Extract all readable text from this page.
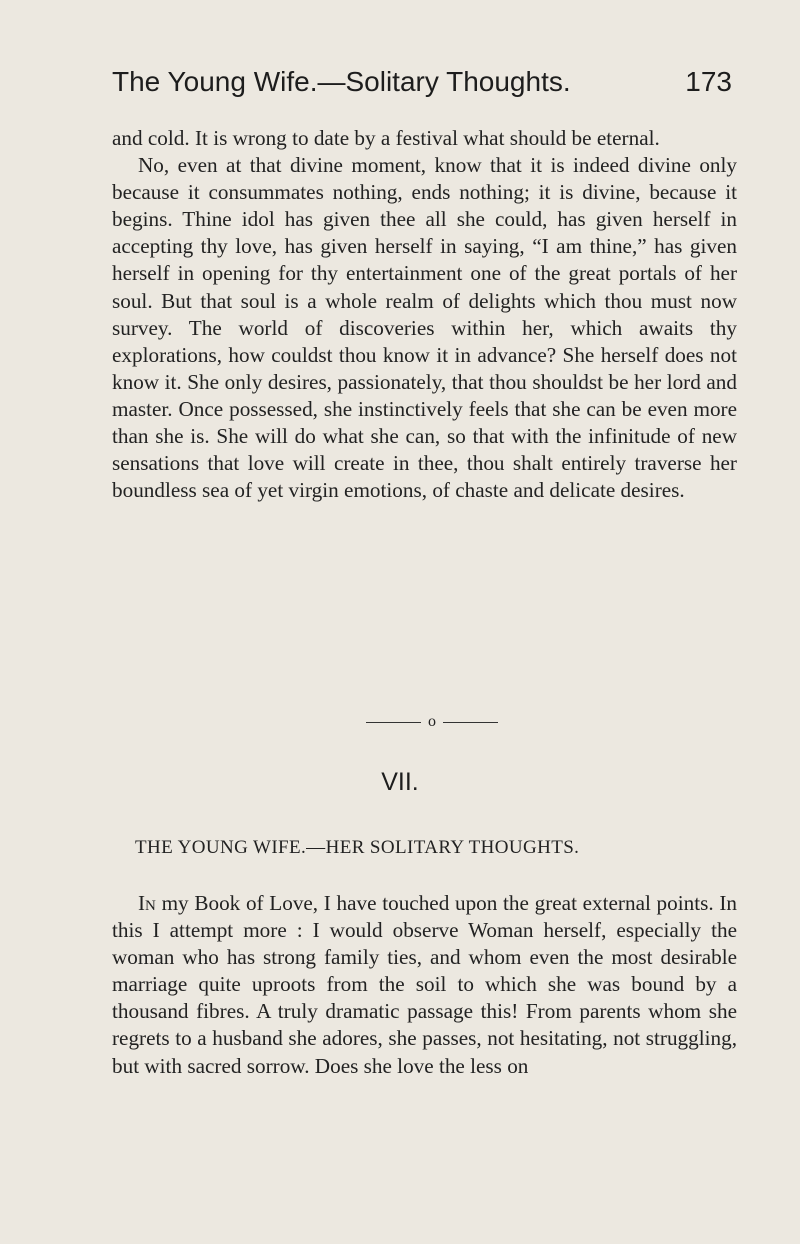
The Young Wife.—Solitary Thoughts.	173

and cold. It is wrong to date by a festival what should be eternal.

No, even at that divine moment, know that it is indeed divine only because it consummates nothing, ends nothing; it is divine, because it begins. Thine idol has given thee all she could, has given herself in accepting thy love, has given herself in saying, “I am thine,” has given herself in opening for thy entertainment one of the great portals of her soul. But that soul is a whole realm of delights which thou must now survey. The world of discoveries within her, which awaits thy explorations, how couldst thou know it in advance? She herself does not know it. She only desires, passionately, that thou shouldst be her lord and master. Once possessed, she instinctively feels that she can be even more than she is. She will do what she can, so that with the infinitude of new sensations that love will create in thee, thou shalt entirely traverse her boundless sea of yet virgin emotions, of chaste and delicate desires.

o
VII.
THE YOUNG WIFE.—HER SOLITARY THOUGHTS.

In my Book of Love, I have touched upon the great external points. In this I attempt more : I would observe Woman herself, especially the woman who has strong family ties, and whom even the most desirable marriage quite uproots from the soil to which she was bound by a thousand fibres. A truly dramatic passage this! From parents whom she regrets to a husband she adores, she passes, not hesitating, not struggling, but with sacred sorrow. Does she love the less on
